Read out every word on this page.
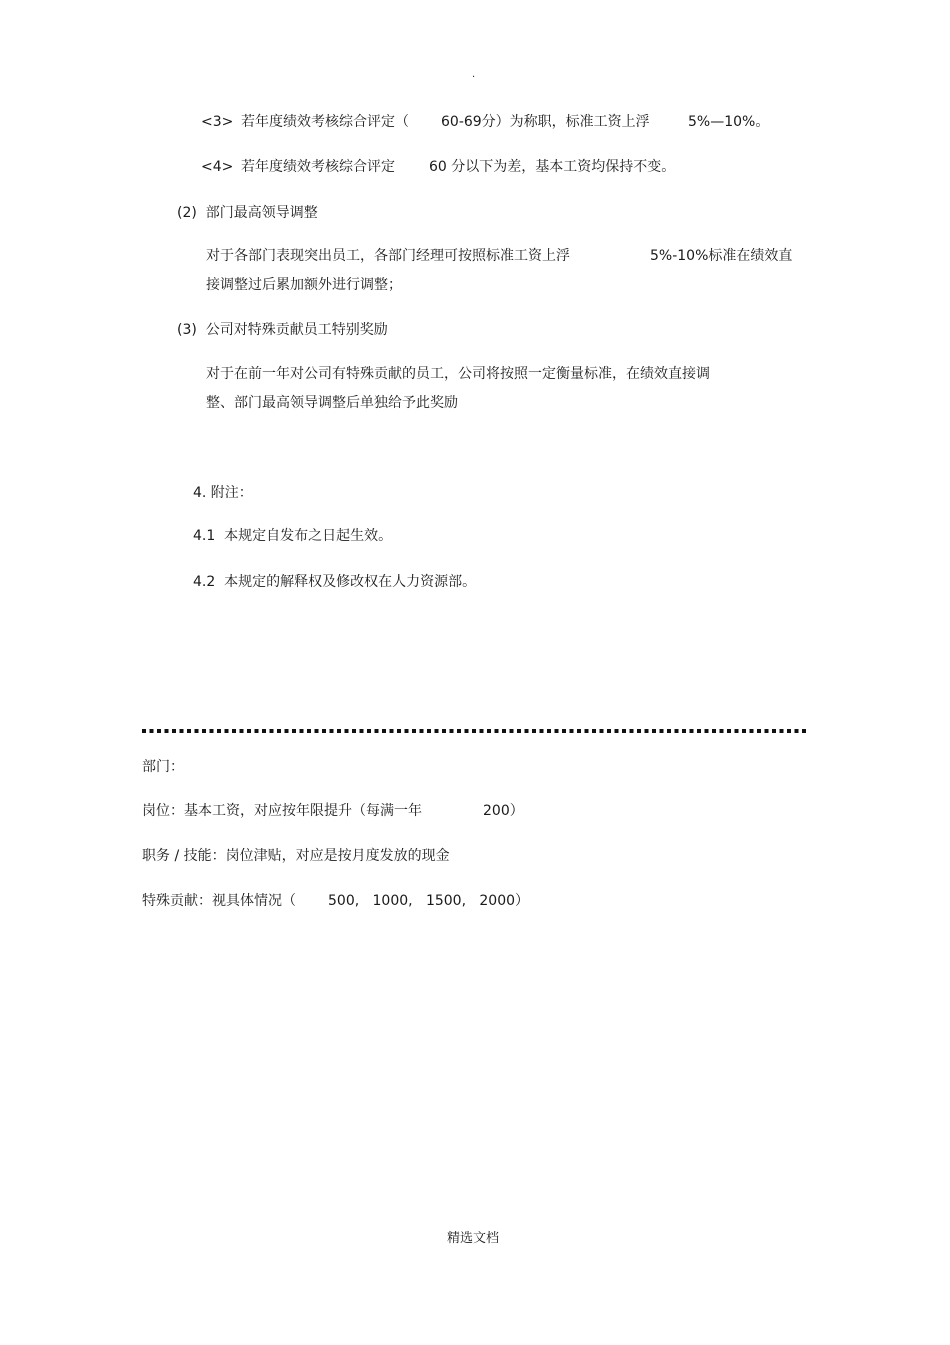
·
<3> 若年度绩效考核综合评定（ 60-69分）为称职，标准工资上浮	5%—10%。
<4> 若年度绩效考核综合评定 60 分以下为差，基本工资均保持不变。
(2)  部门最高领导调整
对于各部门表现突出员工，各部门经理可按照标准工资上浮	5%-10%标准在绩效直
接调整过后累加额外进行调整；
(3)  公司对特殊贡献员工特别奖励
对于在前一年对公司有特殊贡献的员工，公司将按照一定衡量标准，在绩效直接调
整、部门最高领导调整后单独给予此奖励
4. 附注：
4.1  本规定自发布之日起生效。
4.2  本规定的解释权及修改权在人力资源部。
部门：
岗位：基本工资，对应按年限提升（每满一年	200）
职务 / 技能：岗位津贴，对应是按月度发放的现金
特殊贡献：视具体情况（ 500,   1000,   1500,   2000）
精选文档
